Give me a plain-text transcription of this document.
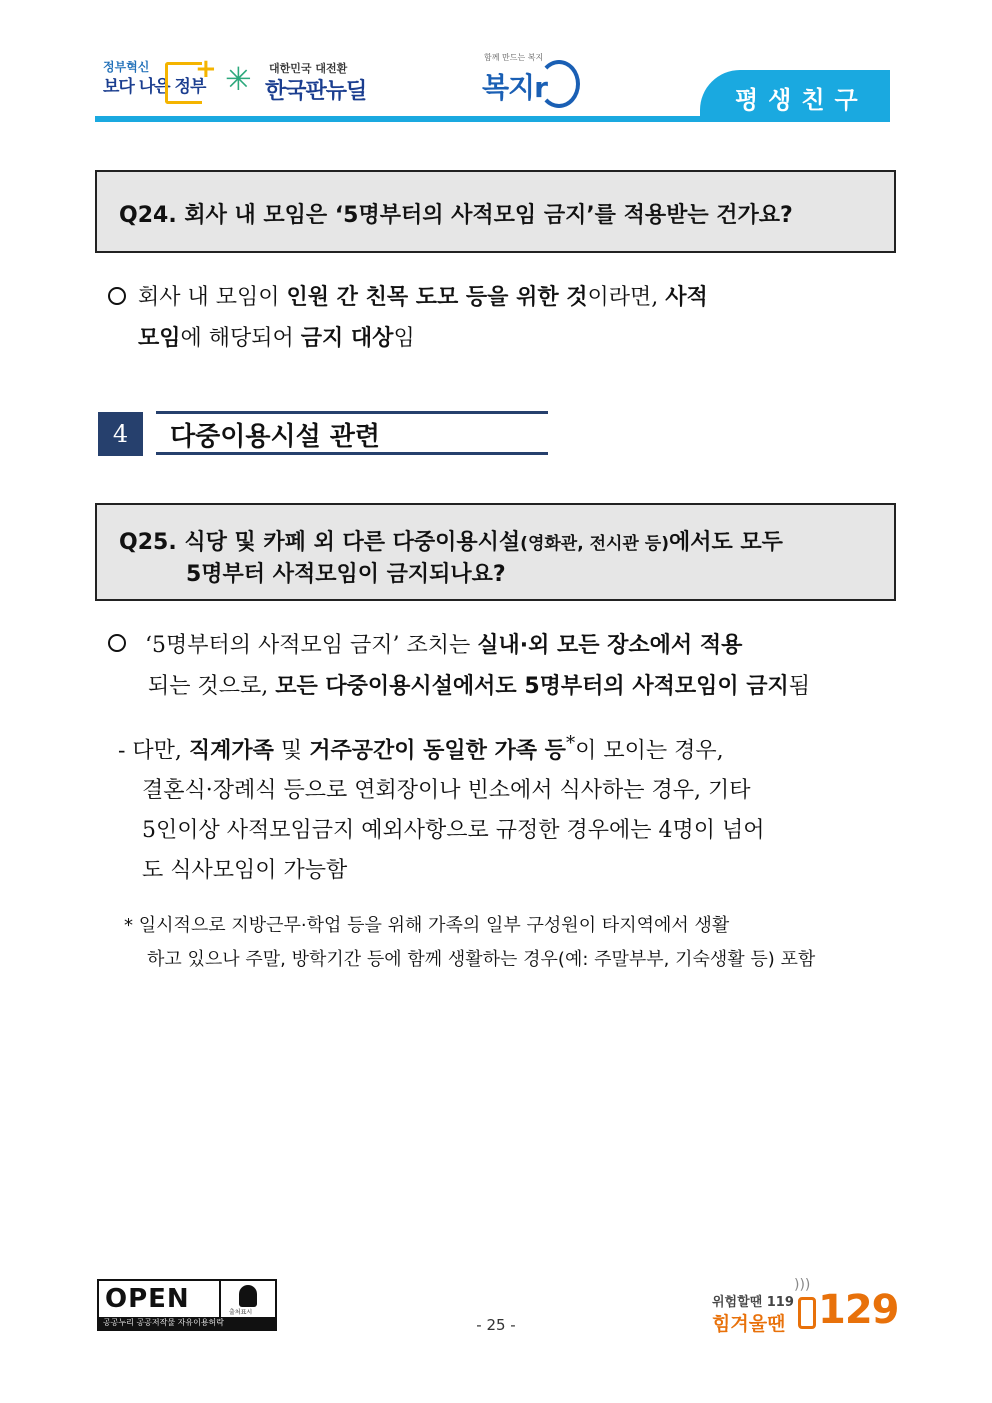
정부혁신
보다 나은 정부
+ ✳ 대한민국 대전환
한국판뉴딜
함께 만드는 복지
복지r	평생친구
Q24. 회사 내 모임은 ‘5명부터의 사적모임 금지’를 적용받는 건가요?
회사 내 모임이 인원 간 친목 도모 등을 위한 것이라면, 사적
모임에 해당되어 금지 대상임
4	다중이용시설 관련
Q25. 식당 및 카페 외 다른 다중이용시설(영화관, 전시관 등)에서도 모두
5명부터 사적모임이 금지되나요?
‘5명부터의 사적모임 금지’ 조치는 실내·외 모든 장소에서 적용
되는 것으로, 모든 다중이용시설에서도 5명부터의 사적모임이 금지됨
- 다만, 직계가족 및 거주공간이 동일한 가족 등*이 모이는 경우,
결혼식·장례식 등으로 연회장이나 빈소에서 식사하는 경우, 기타
5인이상 사적모임금지 예외사항으로 규정한 경우에는 4명이 넘어
도 식사모임이 가능함
* 일시적으로 지방근무·학업 등을 위해 가족의 일부 구성원이 타지역에서 생활
하고 있으나 주말, 방학기간 등에 함께 생활하는 경우(예: 주말부부, 기숙생활 등) 포함
OPEN	출처표시
공공누리 공공저작물 자유이용허락	- 25 -
)))
위험할땐 119
힘겨울땐 129
